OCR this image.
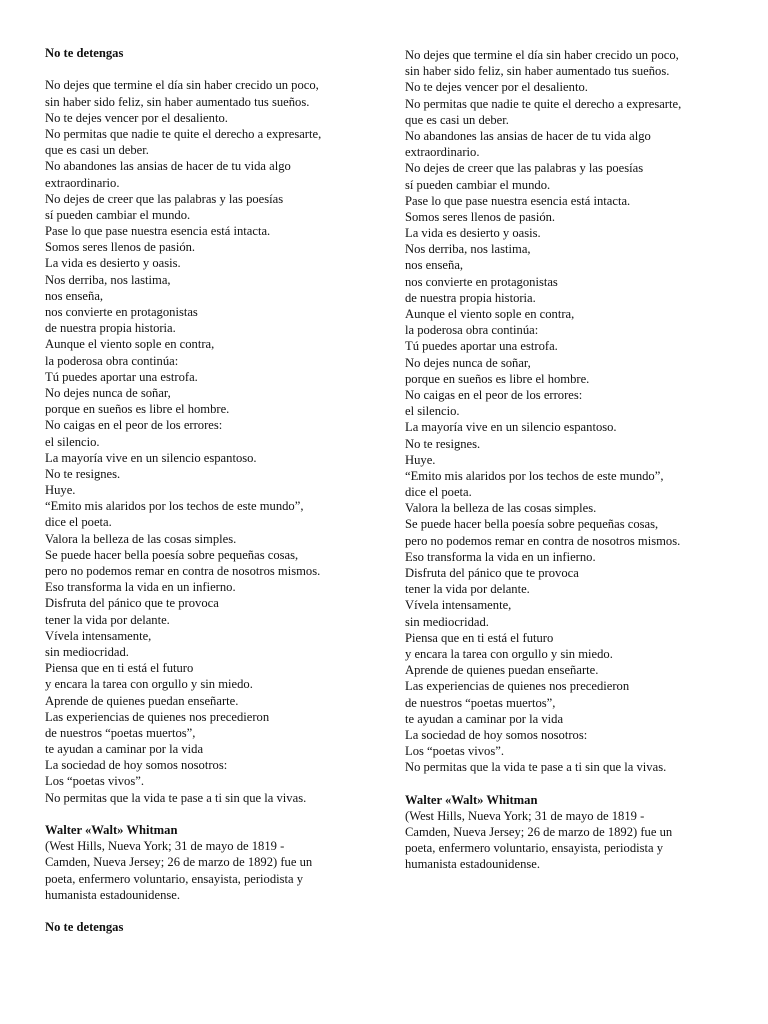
No te detengas
No dejes que termine el día sin haber crecido un poco,
sin haber sido feliz, sin haber aumentado tus sueños.
No te dejes vencer por el desaliento.
No permitas que nadie te quite el derecho a expresarte,
que es casi un deber.
No abandones las ansias de hacer de tu vida algo
extraordinario.
No dejes de creer que las palabras y las poesías
sí pueden cambiar el mundo.
Pase lo que pase nuestra esencia está intacta.
Somos seres llenos de pasión.
La vida es desierto y oasis.
Nos derriba, nos lastima,
nos enseña,
nos convierte en protagonistas
de nuestra propia historia.
Aunque el viento sople en contra,
la poderosa obra continúa:
Tú puedes aportar una estrofa.
No dejes nunca de soñar,
porque en sueños es libre el hombre.
No caigas en el peor de los errores:
el silencio.
La mayoría vive en un silencio espantoso.
No te resignes.
Huye.
“Emito mis alaridos por los techos de este mundo”,
dice el poeta.
Valora la belleza de las cosas simples.
Se puede hacer bella poesía sobre pequeñas cosas,
pero no podemos remar en contra de nosotros mismos.
Eso transforma la vida en un infierno.
Disfruta del pánico que te provoca
tener la vida por delante.
Vívela intensamente,
sin mediocridad.
Piensa que en ti está el futuro
y encara la tarea con orgullo y sin miedo.
Aprende de quienes puedan enseñarte.
Las experiencias de quienes nos precedieron
de nuestros “poetas muertos”,
te ayudan a caminar por la vida
La sociedad de hoy somos nosotros:
Los “poetas vivos”.
No permitas que la vida te pase a ti sin que la vivas.
Walter «Walt» Whitman
(West Hills, Nueva York; 31 de mayo de 1819 -
Camden, Nueva Jersey; 26 de marzo de 1892) fue un
poeta, enfermero voluntario, ensayista, periodista y
humanista estadounidense.
No te detengas
No dejes que termine el día sin haber crecido un poco,
sin haber sido feliz, sin haber aumentado tus sueños.
No te dejes vencer por el desaliento.
No permitas que nadie te quite el derecho a expresarte,
que es casi un deber.
No abandones las ansias de hacer de tu vida algo
extraordinario.
No dejes de creer que las palabras y las poesías
sí pueden cambiar el mundo.
Pase lo que pase nuestra esencia está intacta.
Somos seres llenos de pasión.
La vida es desierto y oasis.
Nos derriba, nos lastima,
nos enseña,
nos convierte en protagonistas
de nuestra propia historia.
Aunque el viento sople en contra,
la poderosa obra continúa:
Tú puedes aportar una estrofa.
No dejes nunca de soñar,
porque en sueños es libre el hombre.
No caigas en el peor de los errores:
el silencio.
La mayoría vive en un silencio espantoso.
No te resignes.
Huye.
“Emito mis alaridos por los techos de este mundo”,
dice el poeta.
Valora la belleza de las cosas simples.
Se puede hacer bella poesía sobre pequeñas cosas,
pero no podemos remar en contra de nosotros mismos.
Eso transforma la vida en un infierno.
Disfruta del pánico que te provoca
tener la vida por delante.
Vívela intensamente,
sin mediocridad.
Piensa que en ti está el futuro
y encara la tarea con orgullo y sin miedo.
Aprende de quienes puedan enseñarte.
Las experiencias de quienes nos precedieron
de nuestros “poetas muertos”,
te ayudan a caminar por la vida
La sociedad de hoy somos nosotros:
Los “poetas vivos”.
No permitas que la vida te pase a ti sin que la vivas.
Walter «Walt» Whitman
(West Hills, Nueva York; 31 de mayo de 1819 -
Camden, Nueva Jersey; 26 de marzo de 1892) fue un
poeta, enfermero voluntario, ensayista, periodista y
humanista estadounidense.
